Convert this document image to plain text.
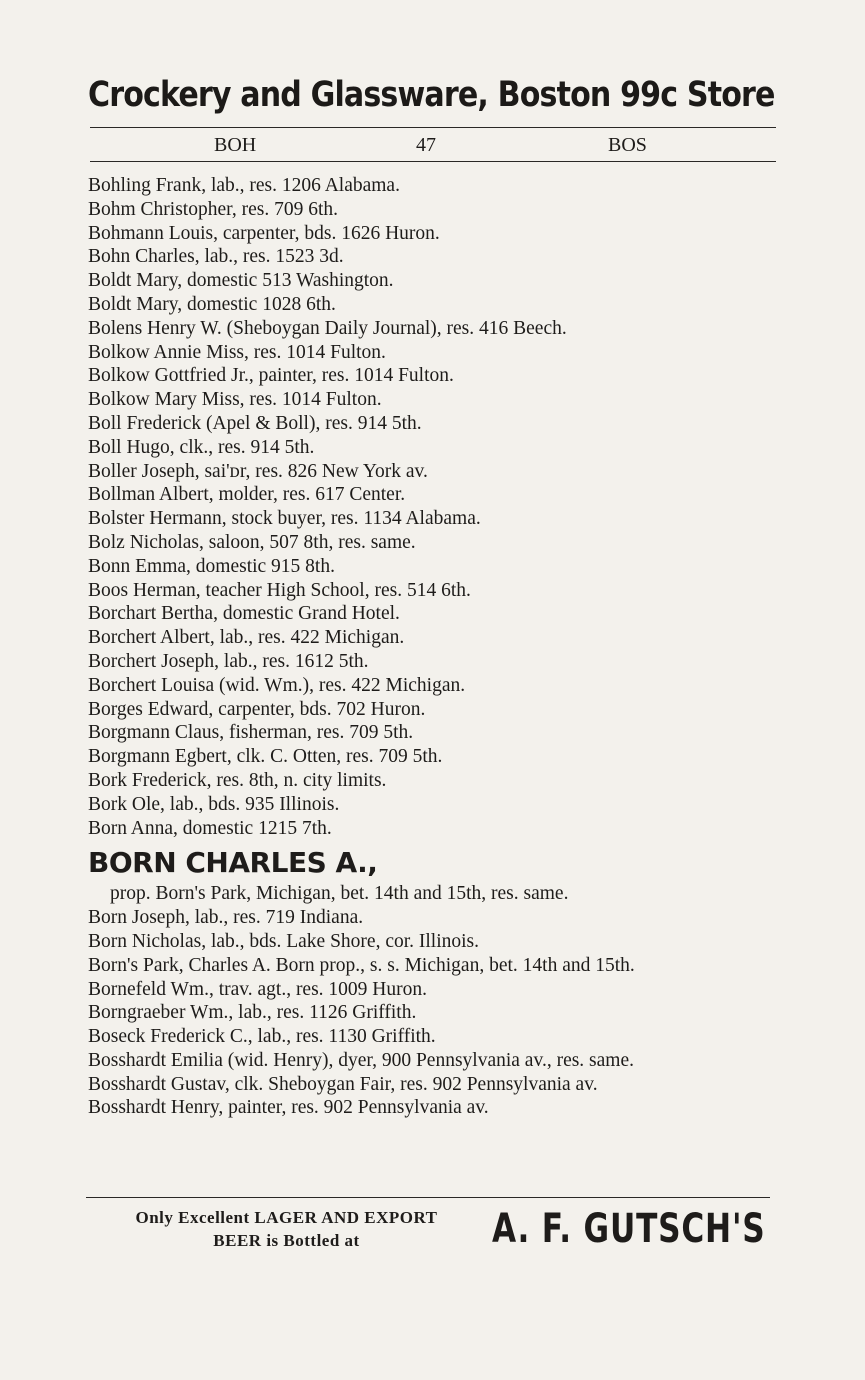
Crockery and Glassware, Boston 99c Store
BOH	47	BOS
Bohling Frank, lab., res. 1206 Alabama.
Bohm Christopher, res. 709 6th.
Bohmann Louis, carpenter, bds. 1626 Huron.
Bohn Charles, lab., res. 1523 3d.
Boldt Mary, domestic 513 Washington.
Boldt Mary, domestic 1028 6th.
Bolens Henry W. (Sheboygan Daily Journal), res. 416 Beech.
Bolkow Annie Miss, res. 1014 Fulton.
Bolkow Gottfried Jr., painter, res. 1014 Fulton.
Bolkow Mary Miss, res. 1014 Fulton.
Boll Frederick (Apel & Boll), res. 914 5th.
Boll Hugo, clk., res. 914 5th.
Boller Joseph, sai'ᴅr, res. 826 New York av.
Bollman Albert, molder, res. 617 Center.
Bolster Hermann, stock buyer, res. 1134 Alabama.
Bolz Nicholas, saloon, 507 8th, res. same.
Bonn Emma, domestic 915 8th.
Boos Herman, teacher High School, res. 514 6th.
Borchart Bertha, domestic Grand Hotel.
Borchert Albert, lab., res. 422 Michigan.
Borchert Joseph, lab., res. 1612 5th.
Borchert Louisa (wid. Wm.), res. 422 Michigan.
Borges Edward, carpenter, bds. 702 Huron.
Borgmann Claus, fisherman, res. 709 5th.
Borgmann Egbert, clk. C. Otten, res. 709 5th.
Bork Frederick, res. 8th, n. city limits.
Bork Ole, lab., bds. 935 Illinois.
Born Anna, domestic 1215 7th.
BORN CHARLES A.,
prop. Born's Park, Michigan, bet. 14th and 15th, res. same.
Born Joseph, lab., res. 719 Indiana.
Born Nicholas, lab., bds. Lake Shore, cor. Illinois.
Born's Park, Charles A. Born prop., s. s. Michigan, bet. 14th and 15th.
Bornefeld Wm., trav. agt., res. 1009 Huron.
Borngraeber Wm., lab., res. 1126 Griffith.
Boseck Frederick C., lab., res. 1130 Griffith.
Bosshardt Emilia (wid. Henry), dyer, 900 Pennsylvania av., res. same.
Bosshardt Gustav, clk. Sheboygan Fair, res. 902 Pennsylvania av.
Bosshardt Henry, painter, res. 902 Pennsylvania av.
Only Excellent LAGER AND EXPORT
BEER is Bottled at	A. F. GUTSCH'S
